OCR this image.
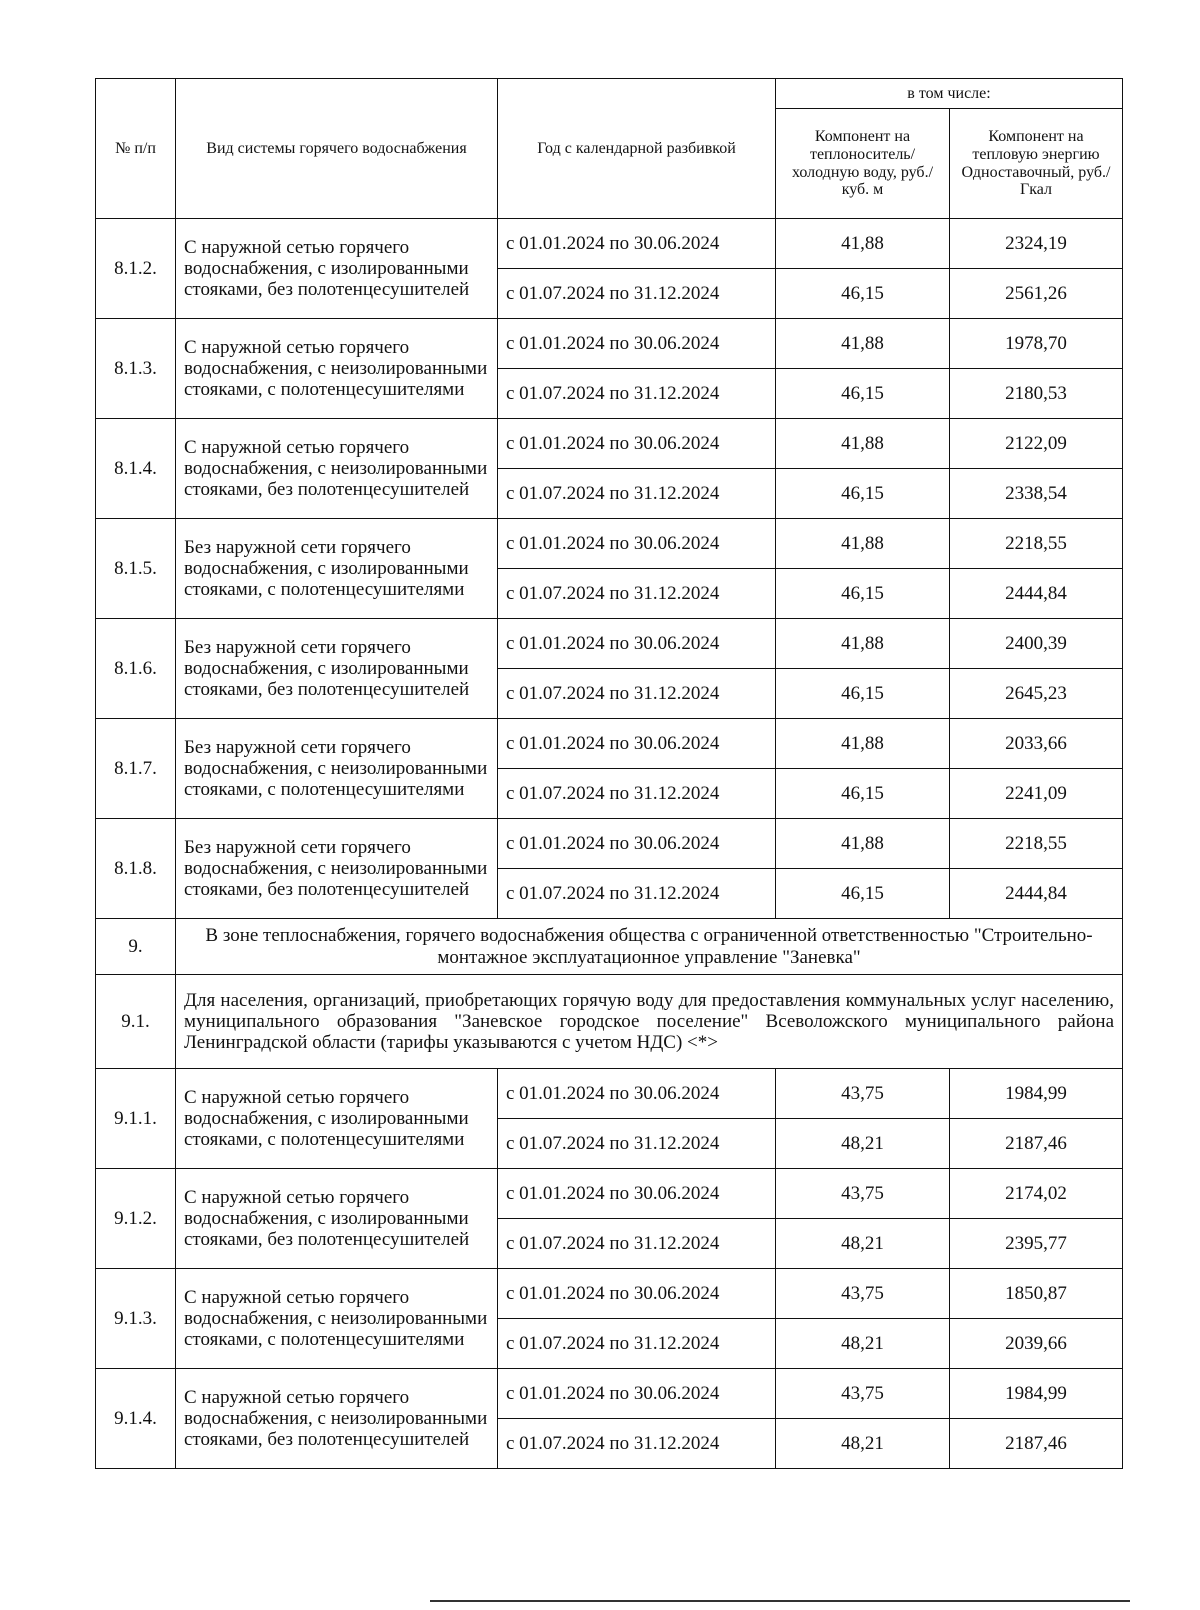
№ п/п	Вид системы горячего водоснабжения	Год с календарной разбивкой	в том числе:	
			Компонент на теплоноситель/ холодную воду, руб./куб. м	Компонент на тепловую энергию Одноставочный, руб./Гкал
8.1.2.	С наружной сетью горячего водоснабжения, с изолированными стояками, без полотенцесушителей	с 01.01.2024 по 30.06.2024	41,88	2324,19
		с 01.07.2024 по 31.12.2024	46,15	2561,26
8.1.3.	С наружной сетью горячего водоснабжения, с неизолированными стояками, с полотенцесушителями	с 01.01.2024 по 30.06.2024	41,88	1978,70
		с 01.07.2024 по 31.12.2024	46,15	2180,53
8.1.4.	С наружной сетью горячего водоснабжения, с неизолированными стояками, без полотенцесушителей	с 01.01.2024 по 30.06.2024	41,88	2122,09
		с 01.07.2024 по 31.12.2024	46,15	2338,54
8.1.5.	Без наружной сети горячего водоснабжения, с изолированными стояками, с полотенцесушителями	с 01.01.2024 по 30.06.2024	41,88	2218,55
		с 01.07.2024 по 31.12.2024	46,15	2444,84
8.1.6.	Без наружной сети горячего водоснабжения, с изолированными стояками, без полотенцесушителей	с 01.01.2024 по 30.06.2024	41,88	2400,39
		с 01.07.2024 по 31.12.2024	46,15	2645,23
8.1.7.	Без наружной сети горячего водоснабжения, с неизолированными стояками, с полотенцесушителями	с 01.01.2024 по 30.06.2024	41,88	2033,66
		с 01.07.2024 по 31.12.2024	46,15	2241,09
8.1.8.	Без наружной сети горячего водоснабжения, с неизолированными стояками, без полотенцесушителей	с 01.01.2024 по 30.06.2024	41,88	2218,55
		с 01.07.2024 по 31.12.2024	46,15	2444,84
9.	В зоне теплоснабжения, горячего водоснабжения общества с ограниченной ответственностью "Строительно-монтажное эксплуатационное управление "Заневка"			
9.1.	Для населения, организаций, приобретающих горячую воду для предоставления коммунальных услуг населению, муниципального образования "Заневское городское поселение" Всеволожского муниципального района Ленинградской области (тарифы указываются с учетом НДС) <*>			
9.1.1.	С наружной сетью горячего водоснабжения, с изолированными стояками, с полотенцесушителями	с 01.01.2024 по 30.06.2024	43,75	1984,99
		с 01.07.2024 по 31.12.2024	48,21	2187,46
9.1.2.	С наружной сетью горячего водоснабжения, с изолированными стояками, без полотенцесушителей	с 01.01.2024 по 30.06.2024	43,75	2174,02
		с 01.07.2024 по 31.12.2024	48,21	2395,77
9.1.3.	С наружной сетью горячего водоснабжения, с неизолированными стояками, с полотенцесушителями	с 01.01.2024 по 30.06.2024	43,75	1850,87
		с 01.07.2024 по 31.12.2024	48,21	2039,66
9.1.4.	С наружной сетью горячего водоснабжения, с неизолированными стояками, без полотенцесушителей	с 01.01.2024 по 30.06.2024	43,75	1984,99
		с 01.07.2024 по 31.12.2024	48,21	2187,46
